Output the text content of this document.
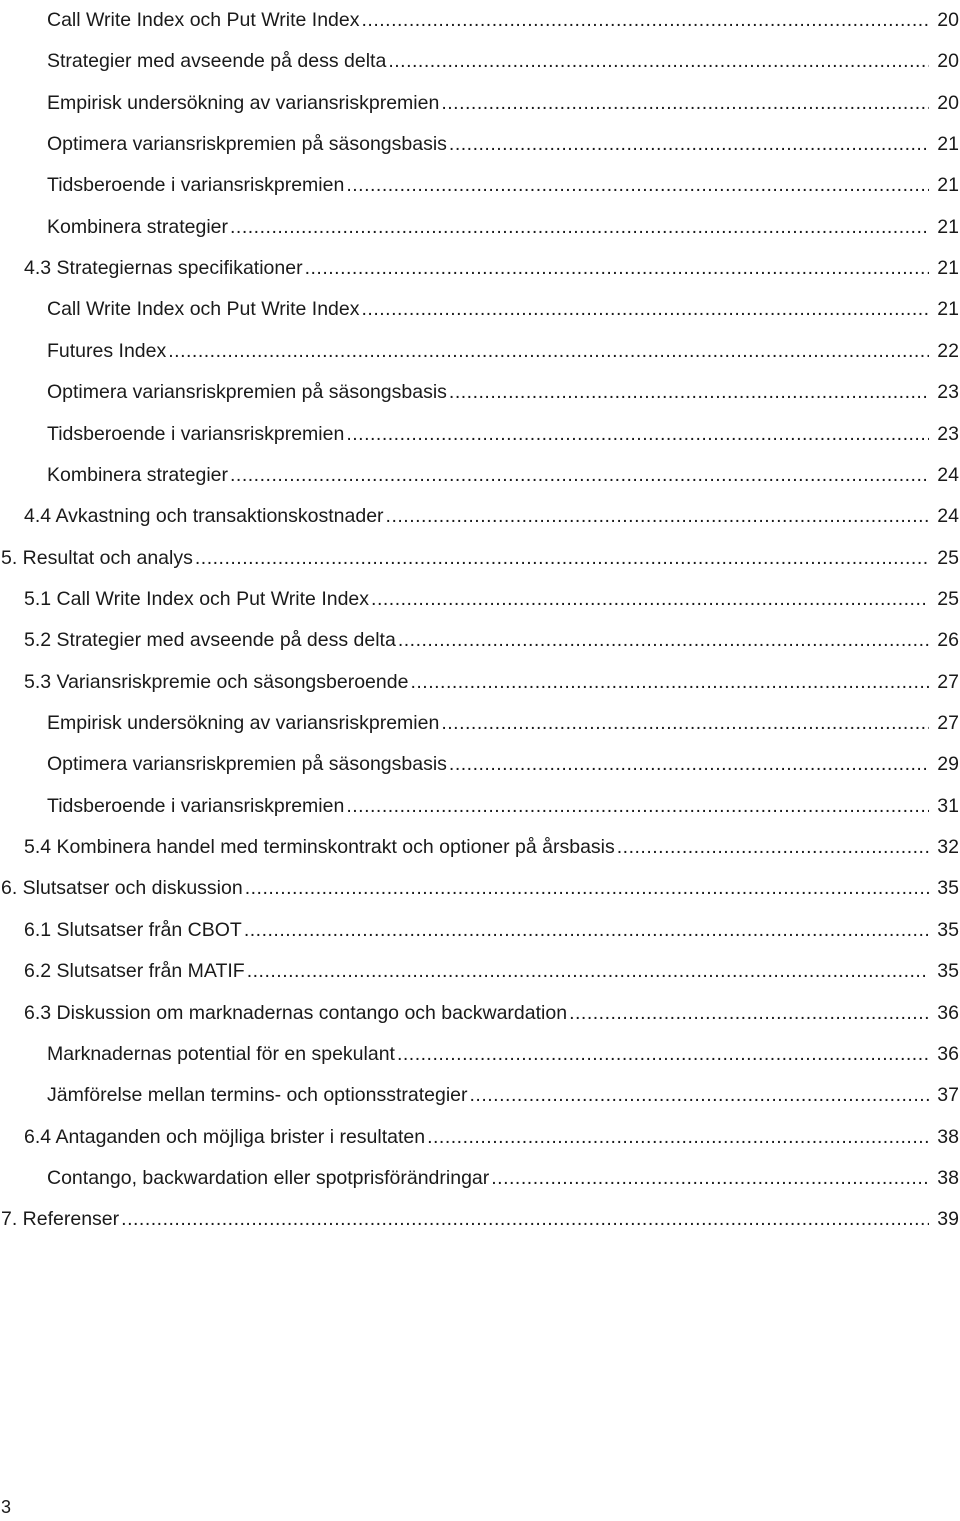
Call Write Index och Put Write Index .....	20
Strategier med avseende på dess delta .....	20
Empirisk undersökning av variansriskpremien .....	20
Optimera variansriskpremien på säsongsbasis .....	21
Tidsberoende i variansriskpremien .....	21
Kombinera strategier .....	21
4.3 Strategiernas specifikationer .....	21
Call Write Index och Put Write Index .....	21
Futures Index .....	22
Optimera variansriskpremien på säsongsbasis .....	23
Tidsberoende i variansriskpremien .....	23
Kombinera strategier .....	24
4.4 Avkastning och transaktionskostnader .....	24
5. Resultat och analys .....	25
5.1 Call Write Index och Put Write Index .....	25
5.2 Strategier med avseende på dess delta .....	26
5.3 Variansriskpremie och säsongsberoende .....	27
Empirisk undersökning av variansriskpremien .....	27
Optimera variansriskpremien på säsongsbasis .....	29
Tidsberoende i variansriskpremien .....	31
5.4 Kombinera handel med terminskontrakt och optioner på årsbasis .....	32
6. Slutsatser och diskussion .....	35
6.1 Slutsatser från CBOT .....	35
6.2 Slutsatser från MATIF .....	35
6.3 Diskussion om marknadernas contango och backwardation .....	36
Marknadernas potential för en spekulant .....	36
Jämförelse mellan termins- och optionsstrategier .....	37
6.4 Antaganden och möjliga brister i resultaten .....	38
Contango, backwardation eller spotprisförändringar .....	38
7. Referenser .....	39
3
